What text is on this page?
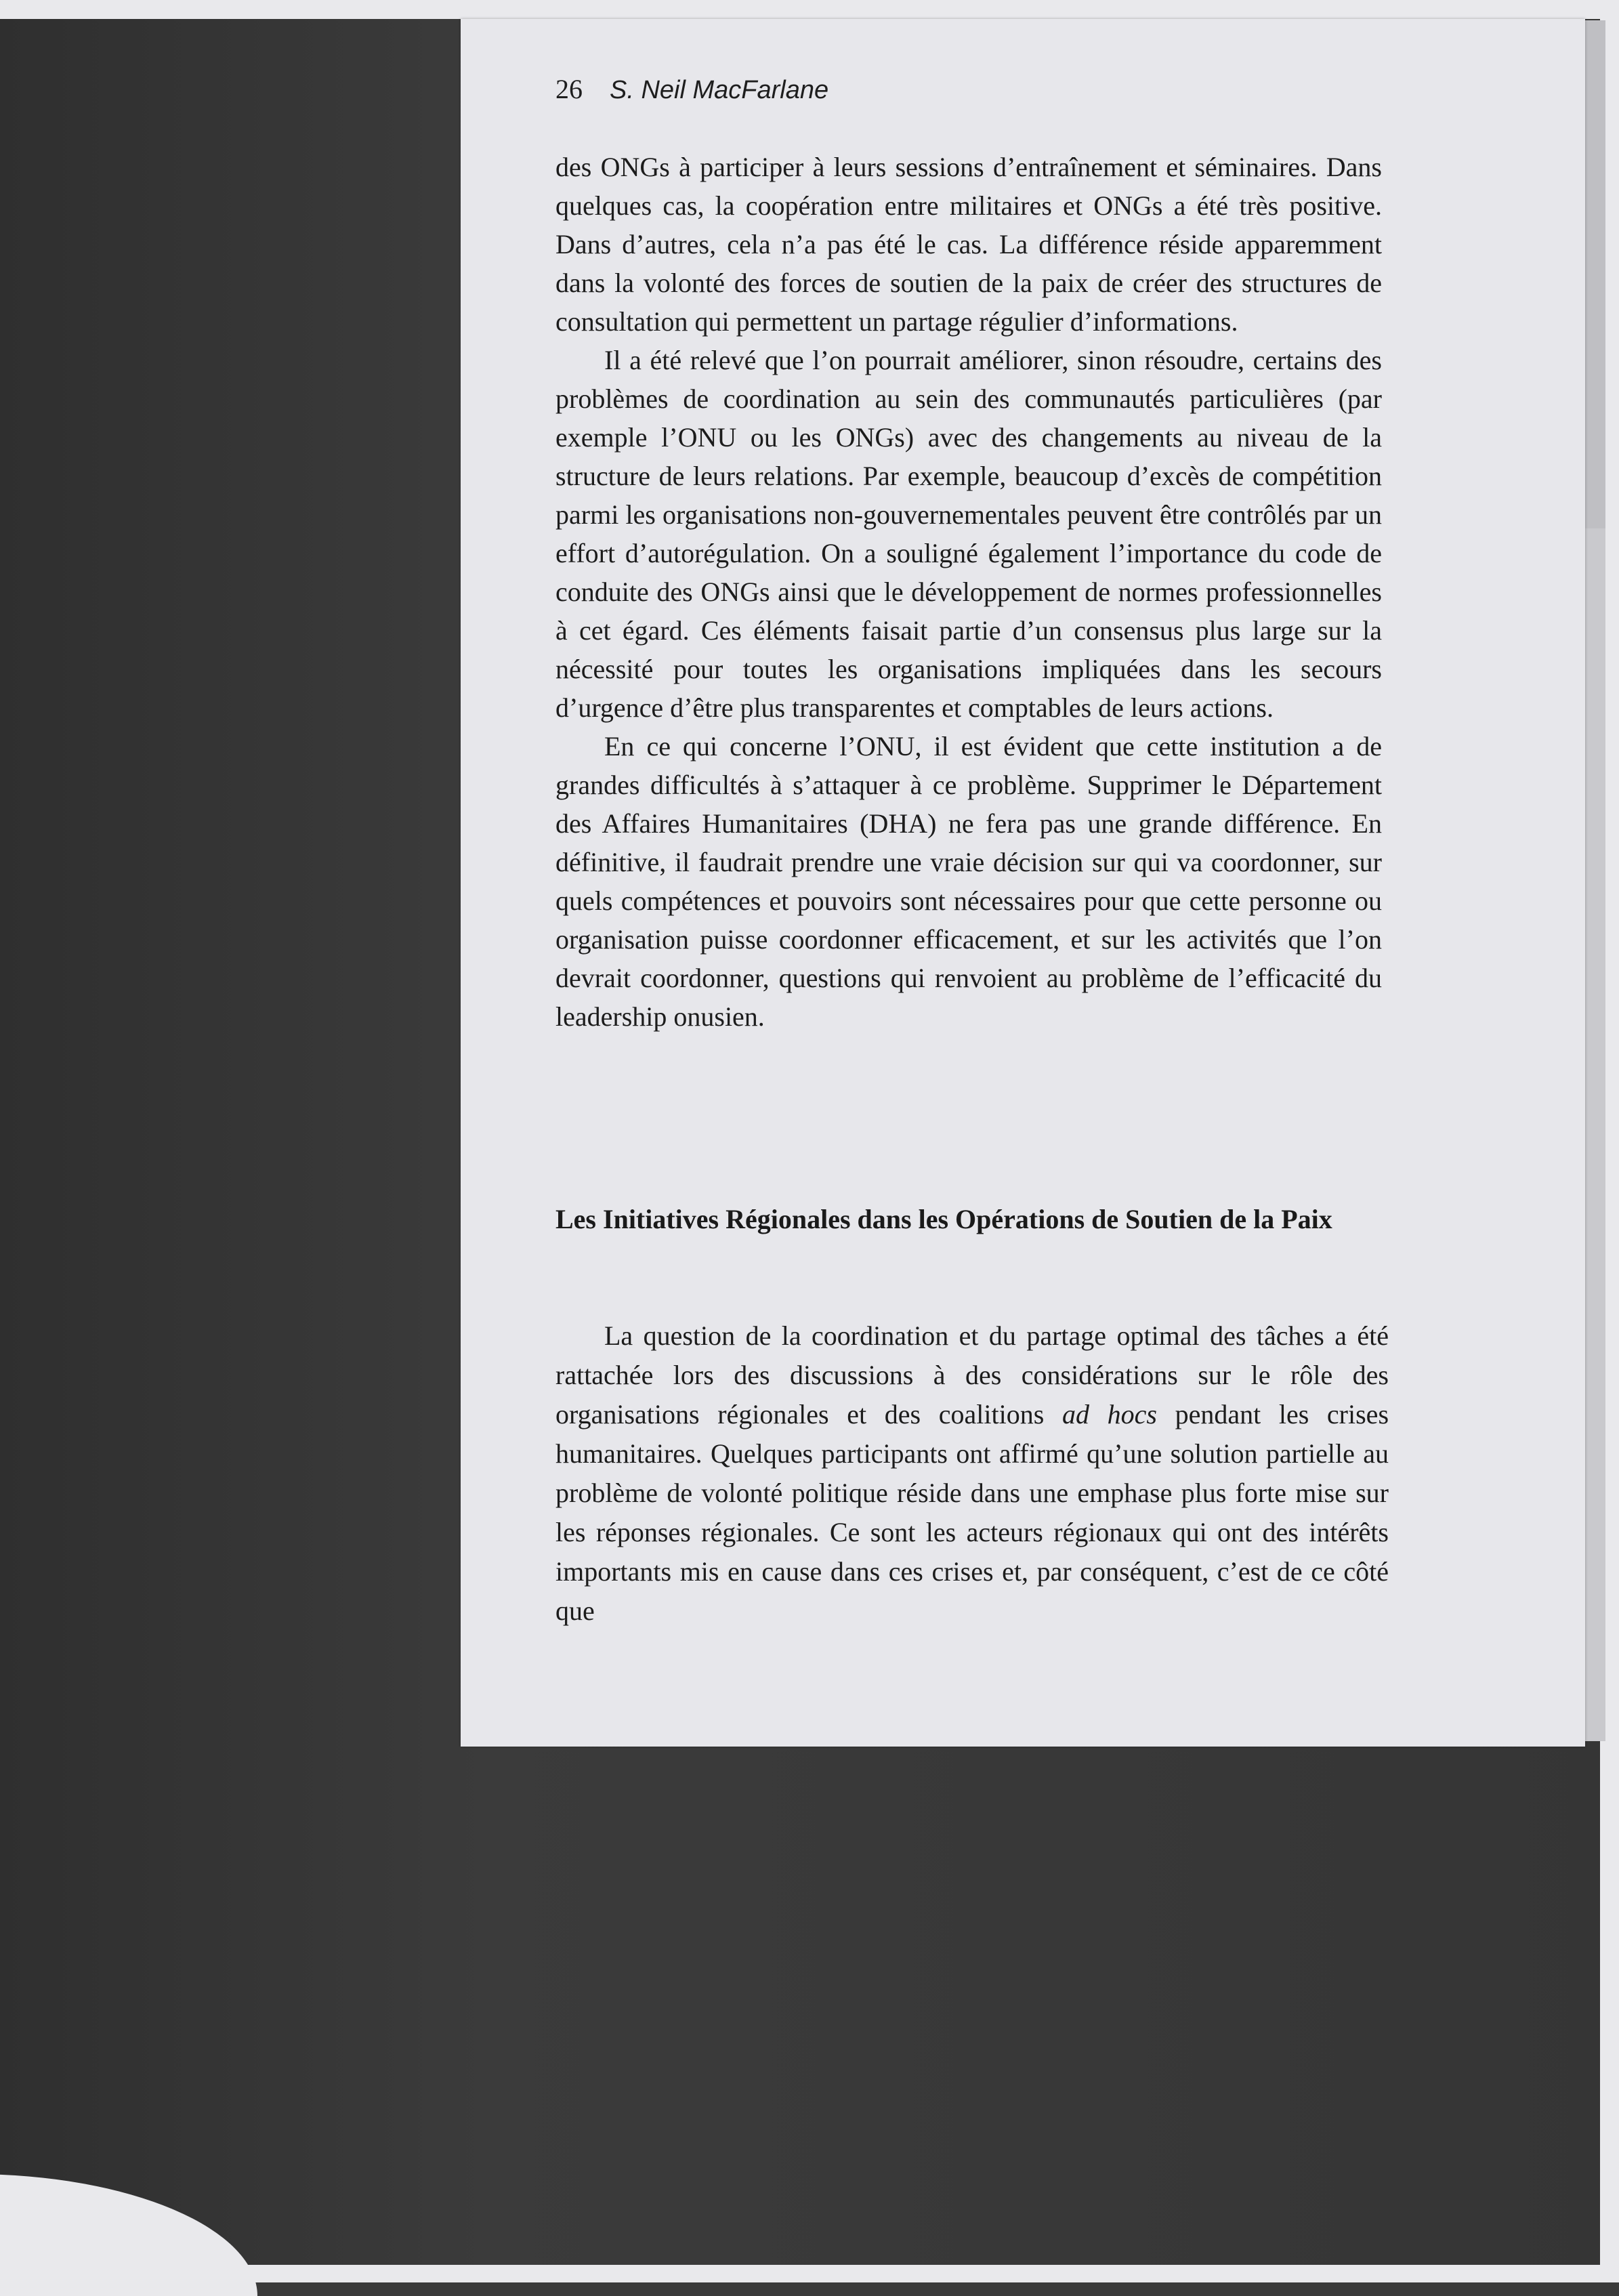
26 S. Neil MacFarlane

des ONGs à participer à leurs sessions d’entraînement et séminaires. Dans quelques cas, la coopération entre militaires et ONGs a été très positive. Dans d’autres, cela n’a pas été le cas. La différence réside apparemment dans la volonté des forces de soutien de la paix de créer des structures de consultation qui permettent un partage régulier d’informations.

Il a été relevé que l’on pourrait améliorer, sinon résoudre, certains des problèmes de coordination au sein des communautés particulières (par exemple l’ONU ou les ONGs) avec des changements au niveau de la structure de leurs relations. Par exemple, beaucoup d’excès de compétition parmi les organisations non-gouvernementales peuvent être contrôlés par un effort d’autorégulation. On a souligné également l’importance du code de conduite des ONGs ainsi que le développement de normes professionnelles à cet égard. Ces éléments faisait partie d’un consensus plus large sur la nécessité pour toutes les organisations impliquées dans les secours d’urgence d’être plus transparentes et comptables de leurs actions.

En ce qui concerne l’ONU, il est évident que cette institution a de grandes difficultés à s’attaquer à ce problème. Supprimer le Département des Affaires Humanitaires (DHA) ne fera pas une grande différence. En définitive, il faudrait prendre une vraie décision sur qui va coordonner, sur quels compétences et pouvoirs sont nécessaires pour que cette personne ou organisation puisse coordonner efficacement, et sur les activités que l’on devrait coordonner, questions qui renvoient au problème de l’efficacité du leadership onusien.

Les Initiatives Régionales dans les Opérations de Soutien de la Paix

La question de la coordination et du partage optimal des tâches a été rattachée lors des discussions à des considérations sur le rôle des organisations régionales et des coalitions ad hocs pendant les crises humanitaires. Quelques participants ont affirmé qu’une solution partielle au problème de volonté politique réside dans une emphase plus forte mise sur les réponses régionales. Ce sont les acteurs régionaux qui ont des intérêts importants mis en cause dans ces crises et, par conséquent, c’est de ce côté que
